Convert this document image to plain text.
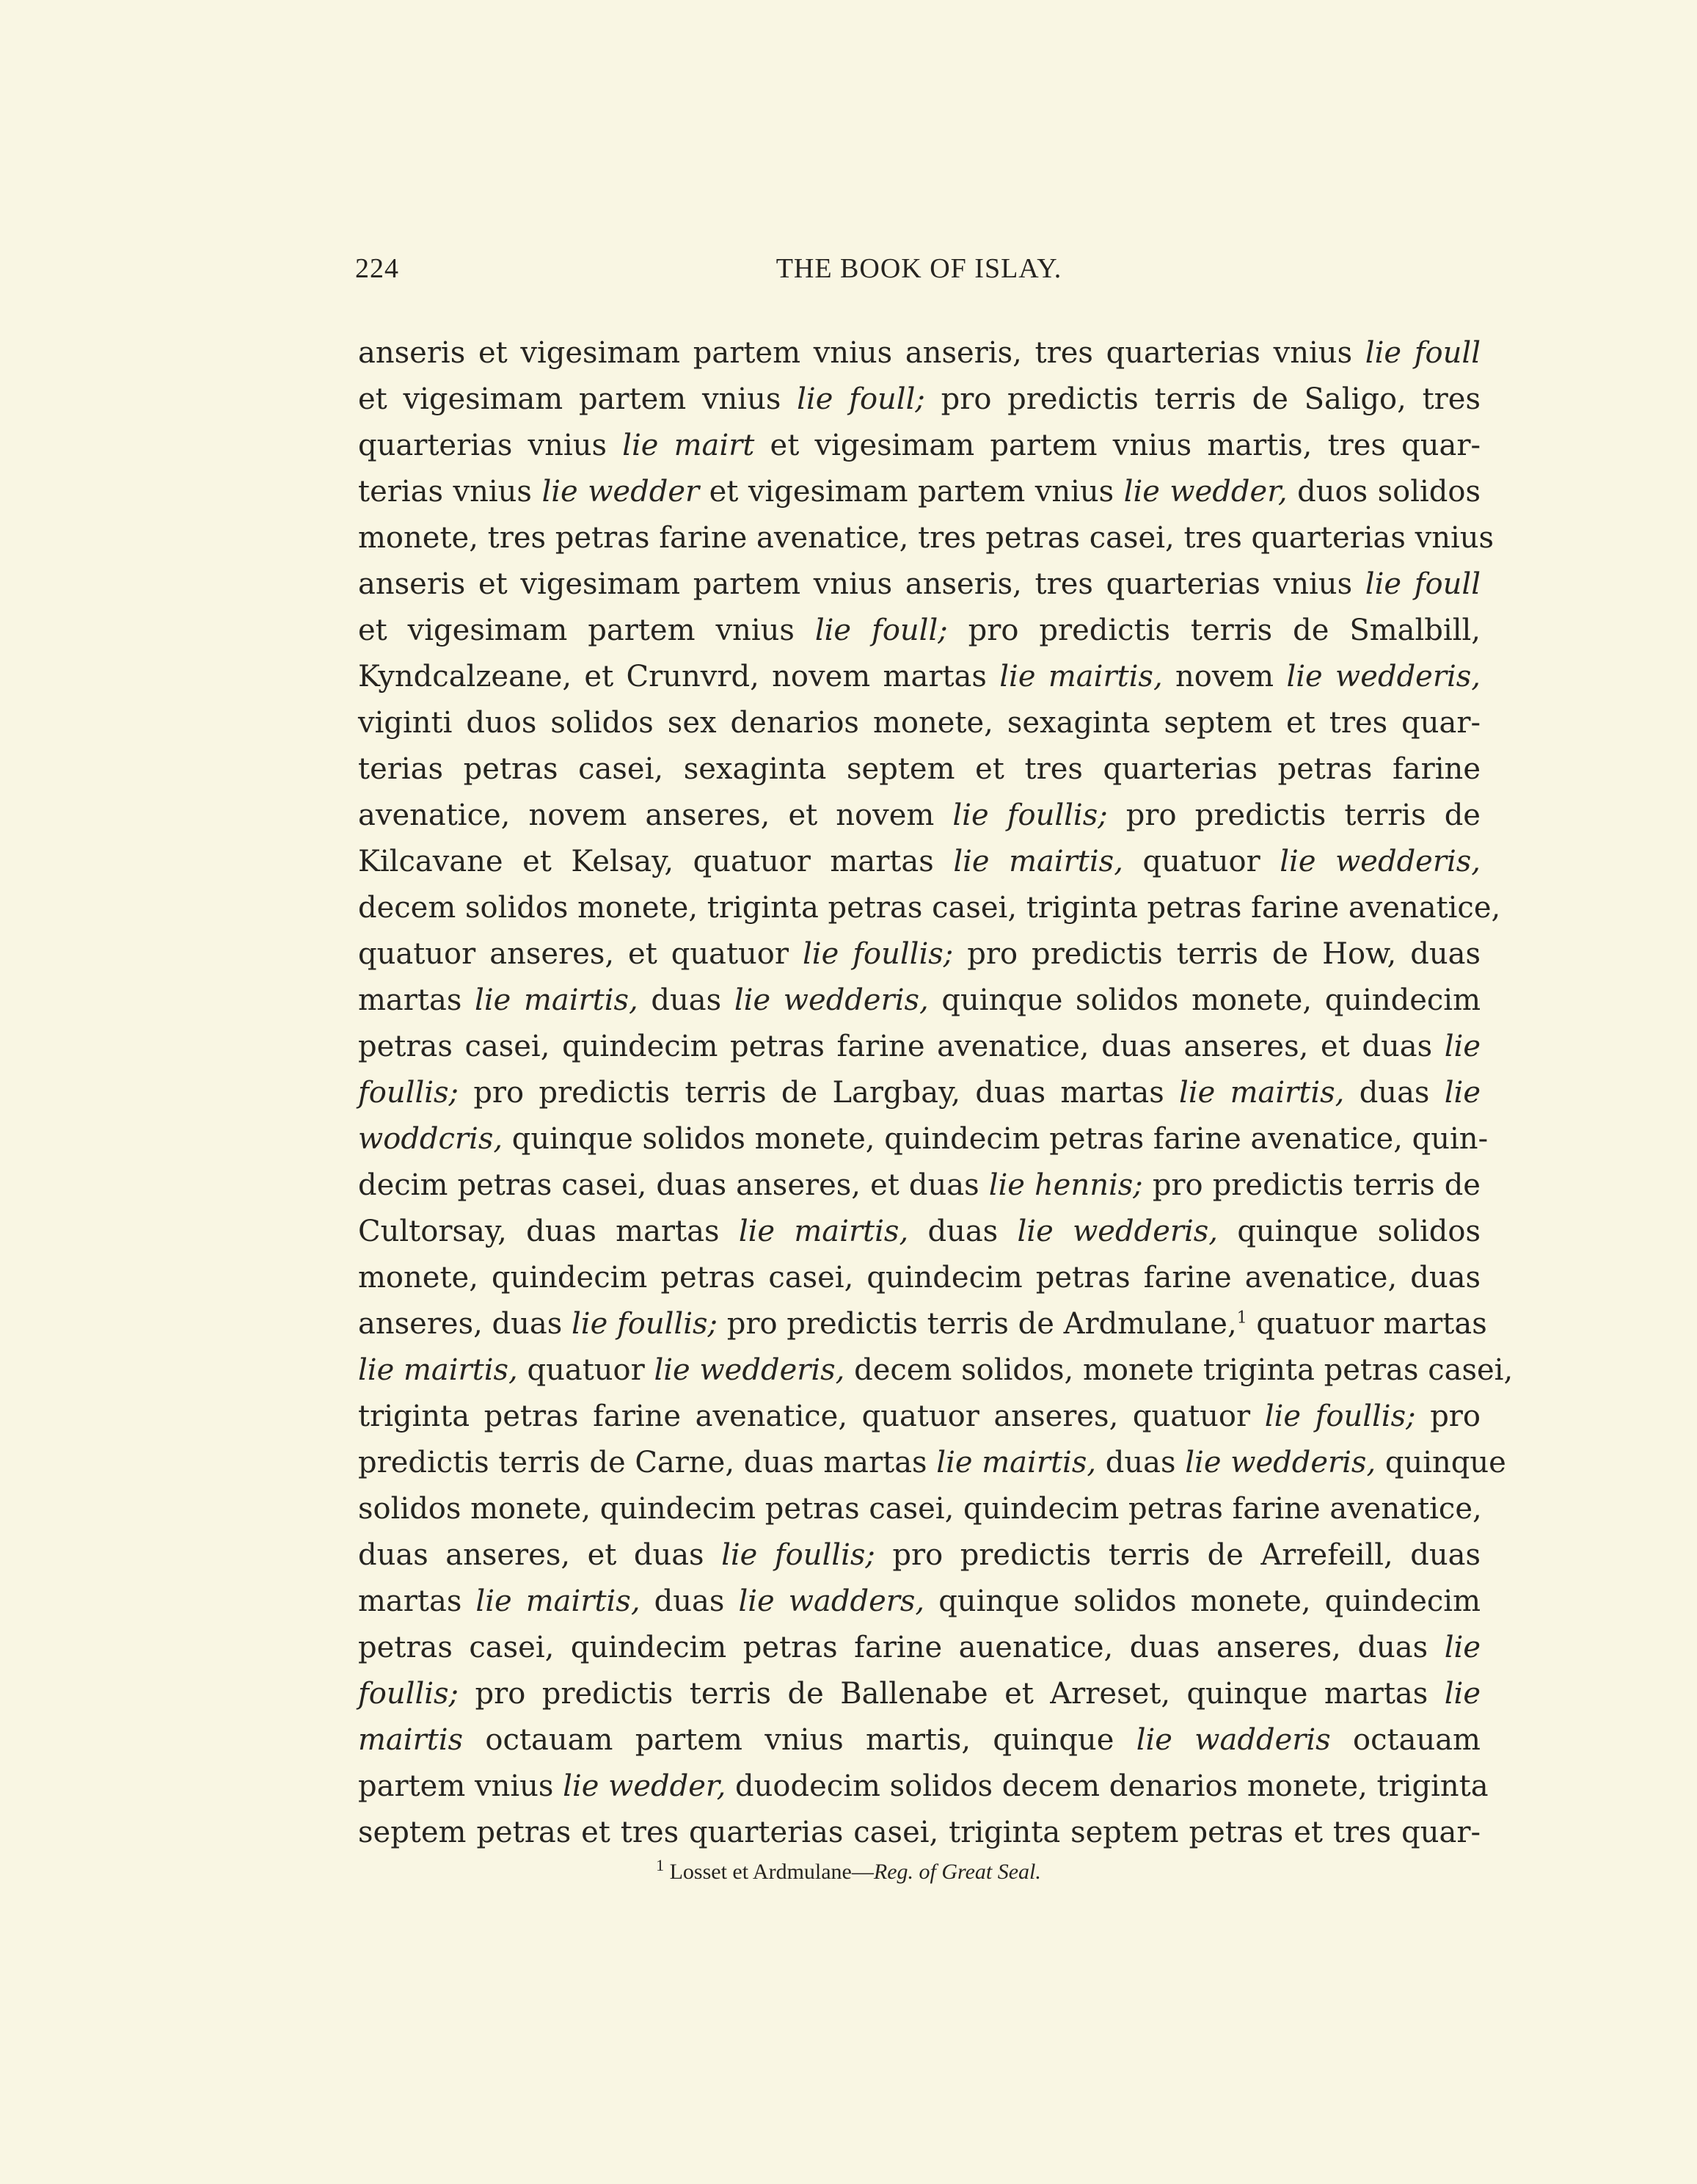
224	THE BOOK OF ISLAY.
anseris et vigesimam partem vnius anseris, tres quarterias vnius lie foull
et vigesimam partem vnius lie foull; pro predictis terris de Saligo, tres
quarterias vnius lie mairt et vigesimam partem vnius martis, tres quar-
terias vnius lie wedder et vigesimam partem vnius lie wedder, duos solidos
monete, tres petras farine avenatice, tres petras casei, tres quarterias vnius
anseris et vigesimam partem vnius anseris, tres quarterias vnius lie foull
et vigesimam partem vnius lie foull; pro predictis terris de Smalbill,
Kyndcalzeane, et Crunvrd, novem martas lie mairtis, novem lie wedderis,
viginti duos solidos sex denarios monete, sexaginta septem et tres quar-
terias petras casei, sexaginta septem et tres quarterias petras farine
avenatice, novem anseres, et novem lie foullis; pro predictis terris de
Kilcavane et Kelsay, quatuor martas lie mairtis, quatuor lie wedderis,
decem solidos monete, triginta petras casei, triginta petras farine avenatice,
quatuor anseres, et quatuor lie foullis; pro predictis terris de How, duas
martas lie mairtis, duas lie wedderis, quinque solidos monete, quindecim
petras casei, quindecim petras farine avenatice, duas anseres, et duas lie
foullis; pro predictis terris de Largbay, duas martas lie mairtis, duas lie
woddcris, quinque solidos monete, quindecim petras farine avenatice, quin-
decim petras casei, duas anseres, et duas lie hennis; pro predictis terris de
Cultorsay, duas martas lie mairtis, duas lie wedderis, quinque solidos
monete, quindecim petras casei, quindecim petras farine avenatice, duas
anseres, duas lie foullis; pro predictis terris de Ardmulane,$^1$ quatuor martas
lie mairtis, quatuor lie wedderis, decem solidos, monete triginta petras casei,
triginta petras farine avenatice, quatuor anseres, quatuor lie foullis; pro
predictis terris de Carne, duas martas lie mairtis, duas lie wedderis, quinque
solidos monete, quindecim petras casei, quindecim petras farine avenatice,
duas anseres, et duas lie foullis; pro predictis terris de Arrefeill, duas
martas lie mairtis, duas lie wadders, quinque solidos monete, quindecim
petras casei, quindecim petras farine auenatice, duas anseres, duas lie
foullis; pro predictis terris de Ballenabe et Arreset, quinque martas lie
mairtis octauam partem vnius martis, quinque lie wadderis octauam
partem vnius lie wedder, duodecim solidos decem denarios monete, triginta
septem petras et tres quarterias casei, triginta septem petras et tres quar-
$^1$ Losset et Ardmulane—Reg. of Great Seal.
